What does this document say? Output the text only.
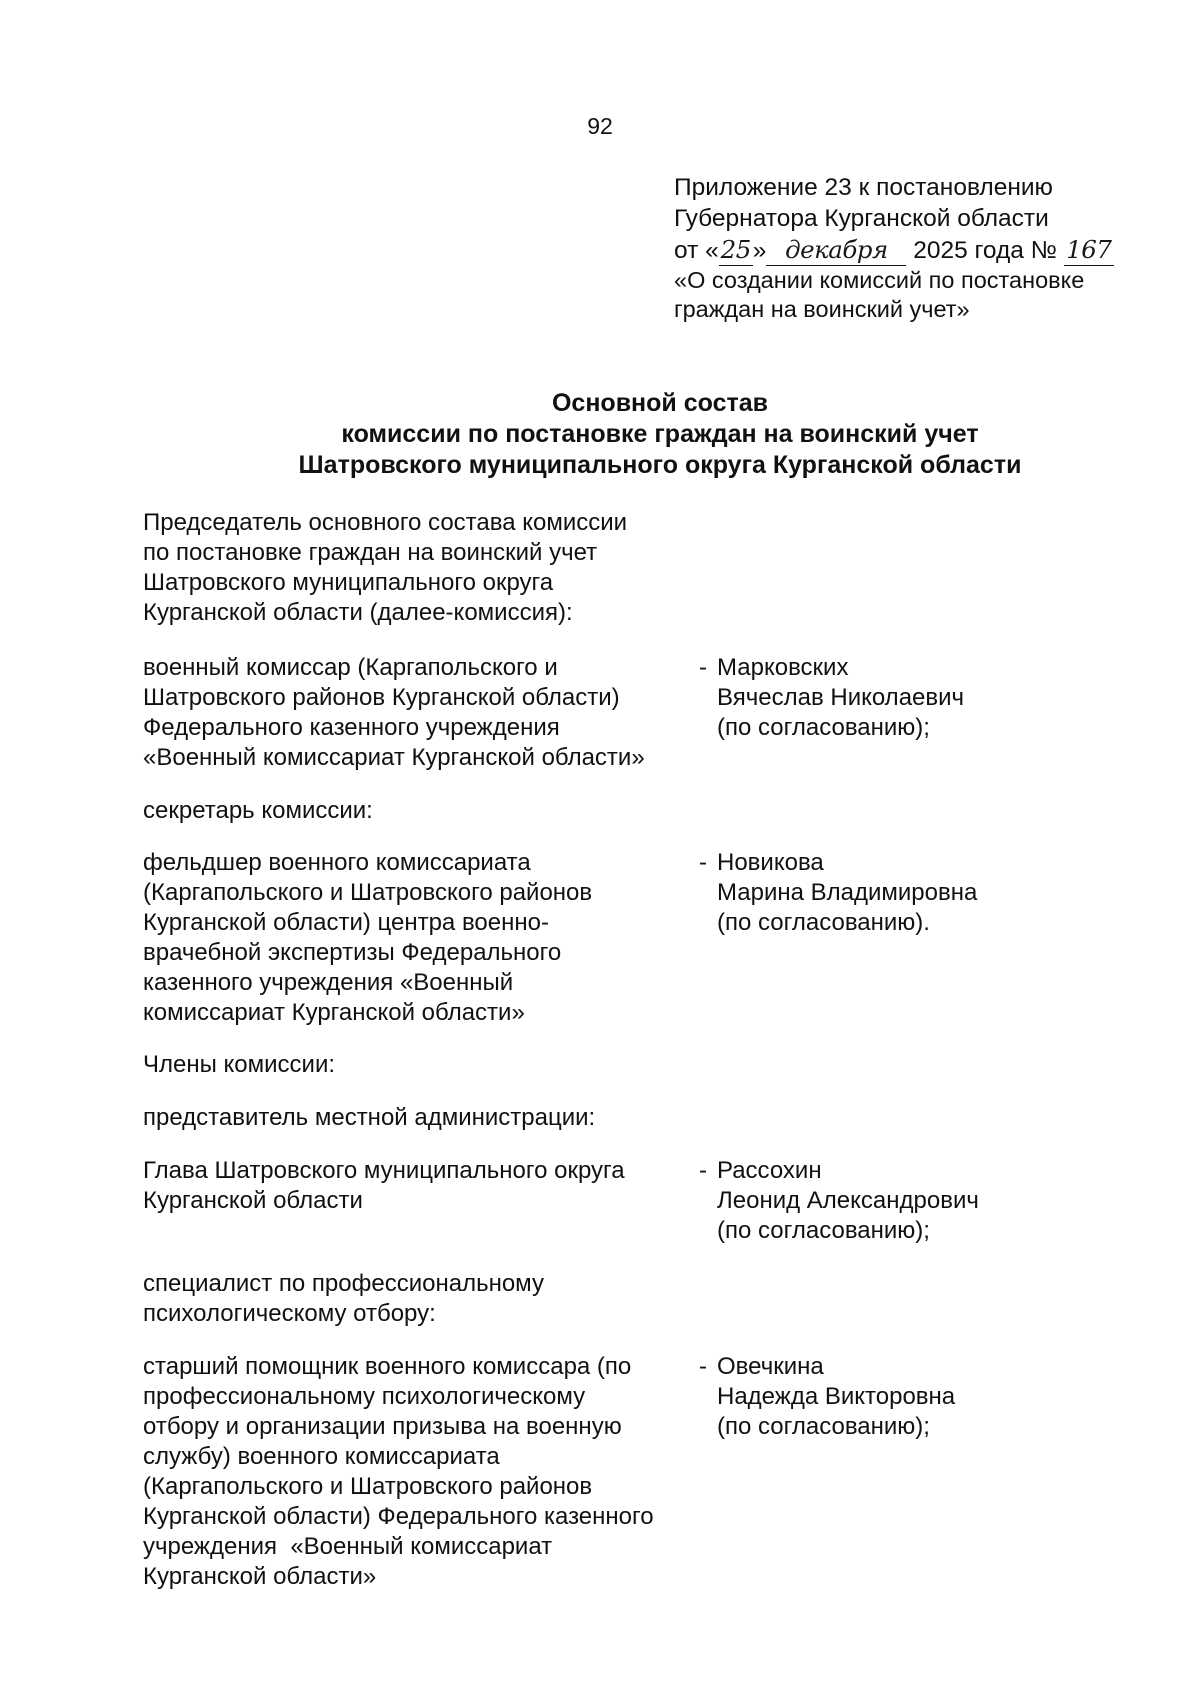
92
Приложение 23 к постановлению
Губернатора Курганской области
от «25» декабря 2025 года № 167
«О создании комиссий по постановке
граждан на воинский учет»
Основной состав
комиссии по постановке граждан на воинский учет
Шатровского муниципального округа Курганской области
Председатель основного состава комиссии
по постановке граждан на воинский учет
Шатровского муниципального округа
Курганской области (далее-комиссия):
военный комиссар (Каргапольского и
Шатровского районов Курганской области)
Федерального казенного учреждения
«Военный комиссариат Курганской области»
- Марковских
Вячеслав Николаевич
(по согласованию);
секретарь комиссии:
фельдшер военного комиссариата
(Каргапольского и Шатровского районов
Курганской области) центра военно-
врачебной экспертизы Федерального
казенного учреждения «Военный
комиссариат Курганской области»
- Новикова
Марина Владимировна
(по согласованию).
Члены комиссии:
представитель местной администрации:
Глава Шатровского муниципального округа
Курганской области
- Рассохин
Леонид Александрович
(по согласованию);
специалист по профессиональному
психологическому отбору:
старший помощник военного комиссара (по
профессиональному психологическому
отбору и организации призыва на военную
службу) военного комиссариата
(Каргапольского и Шатровского районов
Курганской области) Федерального казенного
учреждения  «Военный комиссариат
Курганской области»
- Овечкина
Надежда Викторовна
(по согласованию);
